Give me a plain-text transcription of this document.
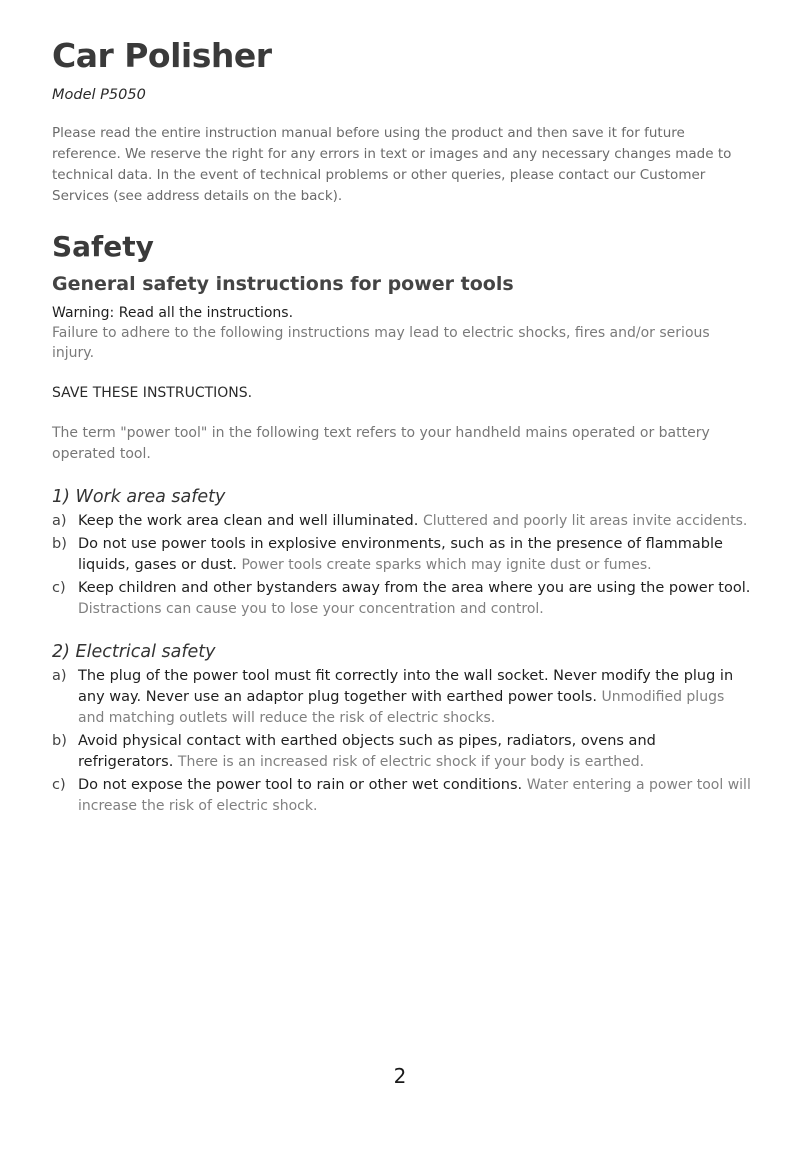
Car Polisher

Model P5050

Please read the entire instruction manual before using the product and then save it for future reference. We reserve the right for any errors in text or images and any necessary changes made to technical data. In the event of technical problems or other queries, please contact our Customer Services (see address details on the back).

Safety
General safety instructions for power tools

Warning: Read all the instructions.
Failure to adhere to the following instructions may lead to electric shocks, fires and/or serious injury.

SAVE THESE INSTRUCTIONS.

The term "power tool" in the following text refers to your handheld mains operated or battery operated tool.

1) Work area safety
a) Keep the work area clean and well illuminated. Cluttered and poorly lit areas invite accidents.
b) Do not use power tools in explosive environments, such as in the presence of flammable liquids, gases or dust. Power tools create sparks which may ignite dust or fumes.
c) Keep children and other bystanders away from the area where you are using the power tool. Distractions can cause you to lose your concentration and control.
2) Electrical safety
a) The plug of the power tool must fit correctly into the wall socket. Never modify the plug in any way. Never use an adaptor plug together with earthed power tools. Unmodified plugs and matching outlets will reduce the risk of electric shocks.
b) Avoid physical contact with earthed objects such as pipes, radiators, ovens and refrigerators. There is an increased risk of electric shock if your body is earthed.
c) Do not expose the power tool to rain or other wet conditions. Water entering a power tool will increase the risk of electric shock.
2
